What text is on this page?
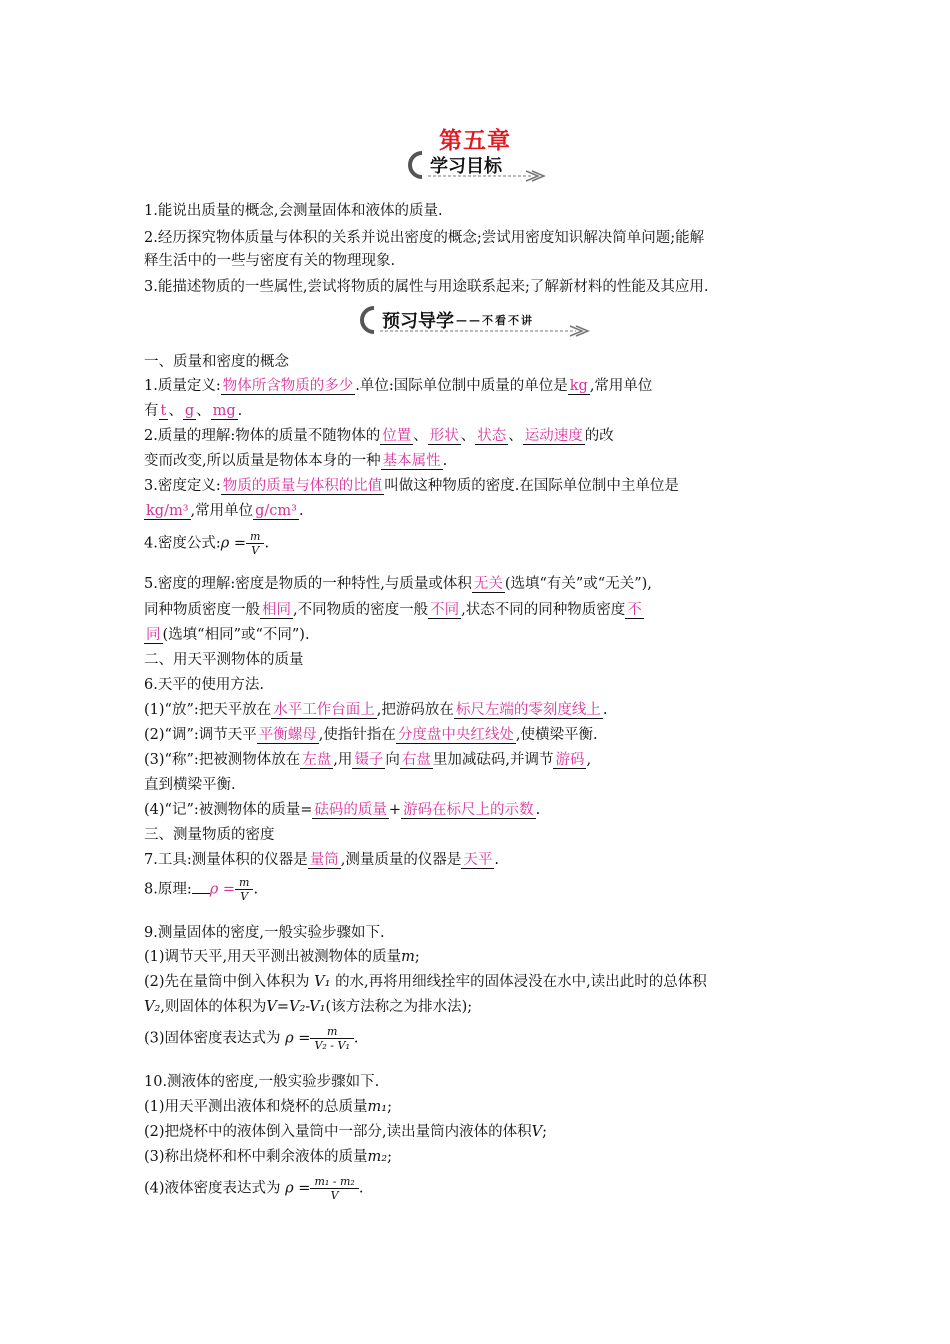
第五章
学习目标
1.能说出质量的概念,会测量固体和液体的质量.
2.经历探究物体质量与体积的关系并说出密度的概念;尝试用密度知识解决简单问题;能解
释生活中的一些与密度有关的物理现象.
3.能描述物质的一些属性,尝试将物质的属性与用途联系起来;了解新材料的性能及其应用.
预习导学 ——不看不讲
一、质量和密度的概念
1.质量定义: 物体所含物质的多少 .单位:国际单位制中质量的单位是 kg ,常用单位
有 t 、 g 、 mg .
2.质量的理解:物体的质量不随物体的 位置 、 形状 、 状态 、 运动速度 的改
变而改变,所以质量是物体本身的一种 基本属性 .
3.密度定义: 物质的质量与体积的比值 叫做这种物质的密度.在国际单位制中主单位是
kg/m³ ,常用单位 g/cm³ .
4.密度公式:ρ = $\frac{m}{V}$ .
5.密度的理解:密度是物质的一种特性,与质量或体积 无关 (选填“有关”或“无关”),
同种物质密度一般 相同 ,不同物质的密度一般 不同 ,状态不同的同种物质密度 不
同 (选填“相同”或“不同”).
二、用天平测物体的质量
6.天平的使用方法.
(1)“放”:把天平放在 水平工作台面上 ,把游码放在 标尺左端的零刻度线上 .
(2)“调”:调节天平 平衡螺母 ,使指针指在 分度盘中央红线处 ,使横梁平衡.
(3)“称”:把被测物体放在 左盘 ,用 镊子 向 右盘 里加减砝码,并调节 游码 ,
直到横梁平衡.
(4)“记”:被测物体的质量= 砝码的质量 + 游码在标尺上的示数 .
三、测量物质的密度
7.工具:测量体积的仪器是 量筒 ,测量质量的仪器是 天平 .
8.原理: $\rho = \frac{m}{V}$ .
9.测量固体的密度,一般实验步骤如下.
(1)调节天平,用天平测出被测物体的质量m;
(2)先在量筒中倒入体积为 V₁ 的水,再将用细线拴牢的固体浸没在水中,读出此时的总体积
V₂,则固体的体积为V=V₂-V₁(该方法称之为排水法);
(3)固体密度表达式为 $\rho = \frac{m}{\text{V₂ - V₁}}$ .
10.测液体的密度,一般实验步骤如下.
(1)用天平测出液体和烧杯的总质量m₁;
(2)把烧杯中的液体倒入量筒中一部分,读出量筒内液体的体积V;
(3)称出烧杯和杯中剩余液体的质量m₂;
(4)液体密度表达式为 $\rho = \frac{\text{m₁ - m₂}}{V}$ .
